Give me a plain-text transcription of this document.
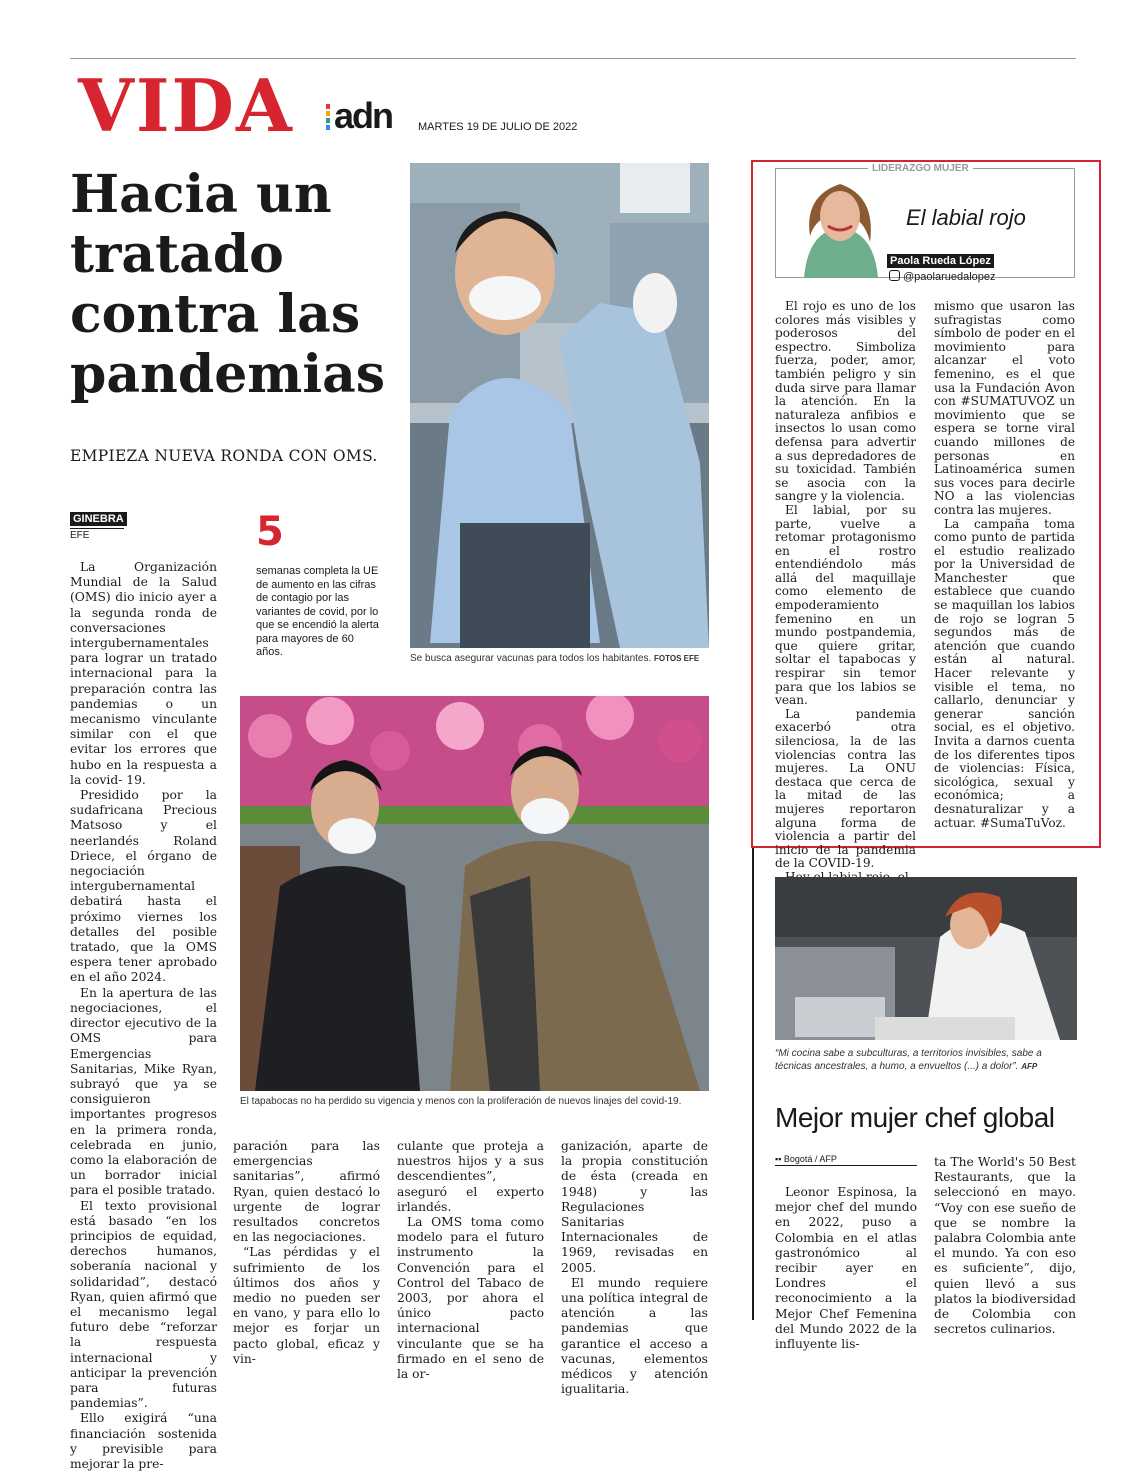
VIDA adn MARTES 19 DE JULIO DE 2022
Hacia un tratado contra las pandemias
EMPIEZA NUEVA RONDA CON OMS.
GINEBRA
EFE	5
semanas completa la UE de aumento en las cifras de contagio por las variantes de covid, por lo que se encendió la alerta para mayores de 60 años.
Se busca asegurar vacunas para todos los habitantes. FOTOS EFE
El tapabocas no ha perdido su vigencia y menos con la proliferación de nuevos linajes del covid-19.

La Organización Mundial de la Salud (OMS) dio inicio ayer a la segunda ronda de conversaciones intergubernamentales para lograr un tratado internacional para la preparación contra las pandemias o un mecanismo vinculante similar con el que evitar los errores que hubo en la respuesta a la covid- 19.

Presidido por la sudafricana Precious Matsoso y el neerlandés Roland Driece, el órgano de negociación intergubernamental debatirá hasta el próximo viernes los detalles del posible tratado, que la OMS espera tener aprobado en el año 2024.

En la apertura de las negociaciones, el director ejecutivo de la OMS para Emergencias Sanitarias, Mike Ryan, subrayó que ya se consiguieron importantes progresos en la primera ronda, celebrada en junio, como la elaboración de un borrador inicial para el posible tratado.

El texto provisional está basado “en los principios de equidad, derechos humanos, soberanía nacional y solidaridad”, destacó Ryan, quien afirmó que el mecanismo legal futuro debe “reforzar la respuesta internacional y anticipar la prevención para futuras pandemias”.

Ello exigirá “una financiación sostenida y previsible para mejorar la pre-

paración para las emergencias sanitarias”, afirmó Ryan, quien destacó lo urgente de lograr resultados concretos en las negociaciones.

“Las pérdidas y el sufrimiento de los últimos dos años y medio no pueden ser en vano, y para ello lo mejor es forjar un pacto global, eficaz y vin-

culante que proteja a nuestros hijos y a sus descendientes”, aseguró el experto irlandés.

La OMS toma como modelo para el futuro instrumento la Convención para el Control del Tabaco de 2003, por ahora el único pacto internacional vinculante que se ha firmado en el seno de la or-

ganización, aparte de la propia constitución de ésta (creada en 1948) y las Regulaciones Sanitarias Internacionales de 1969, revisadas en 2005.

El mundo requiere una política integral de atención a las pandemias que garantice el acceso a vacunas, elementos médicos y atención igualitaria.

LIDERAZGO MUJER
El labial rojo
Paola Rueda López
@paolaruedalopez

El rojo es uno de los colores más visibles y poderosos del espectro. Simboliza fuerza, poder, amor, también peligro y sin duda sirve para llamar la atención. En la naturaleza anfibios e insectos lo usan como defensa para advertir a sus depredadores de su toxicidad. También se asocia con la sangre y la violencia.

El labial, por su parte, vuelve a retomar protagonismo en el rostro entendiéndolo más allá del maquillaje como elemento de empoderamiento femenino en un mundo postpandemia, que quiere gritar, soltar el tapabocas y respirar sin temor para que los labios se vean.

La pandemia exacerbó otra silenciosa, la de las violencias contra las mujeres. La ONU destaca que cerca de la mitad de las mujeres reportaron alguna forma de violencia a partir del inicio de la pandemia de la COVID-19.

mismo que usaron las sufragistas como símbolo de poder en el movimiento para alcanzar el voto femenino, es el que usa la Fundación Avon con #SUMATUVOZ un movimiento que se espera se torne viral cuando millones de personas en Latinoamérica sumen sus voces para decirle NO a las violencias contra las mujeres.

La campaña toma como punto de partida el estudio realizado por la Universidad de Manchester que establece que cuando se maquillan los labios de rojo se logran 5 segundos más de atención que cuando están al natural. Hacer relevante y visible el tema, no callarlo, denunciar y generar sanción social, es el objetivo. Invita a darnos cuenta de los diferentes tipos de violencias: Física, sicológica, sexual y económica; a desnaturalizar y a actuar. #SumaTuVoz.

“Mi cocina sabe a subculturas, a territorios invisibles, sabe a técnicas ancestrales, a humo, a envueltos (...) a dolor”. AFP
Mejor mujer chef global
▪▪ Bogotá / AFP

Leonor Espinosa, la mejor chef del mundo en 2022, puso a Colombia en el atlas gastronómico al recibir ayer en Londres el reconocimiento a la Mejor Chef Femenina del Mundo 2022 de la influyente lis-

ta The World's 50 Best Restaurants, que la seleccionó en mayo. “Voy con ese sueño de que se nombre la palabra Colombia ante el mundo. Ya con eso es suficiente”, dijo, quien llevó a sus platos la biodiversidad de Colombia con secretos culinarios.
